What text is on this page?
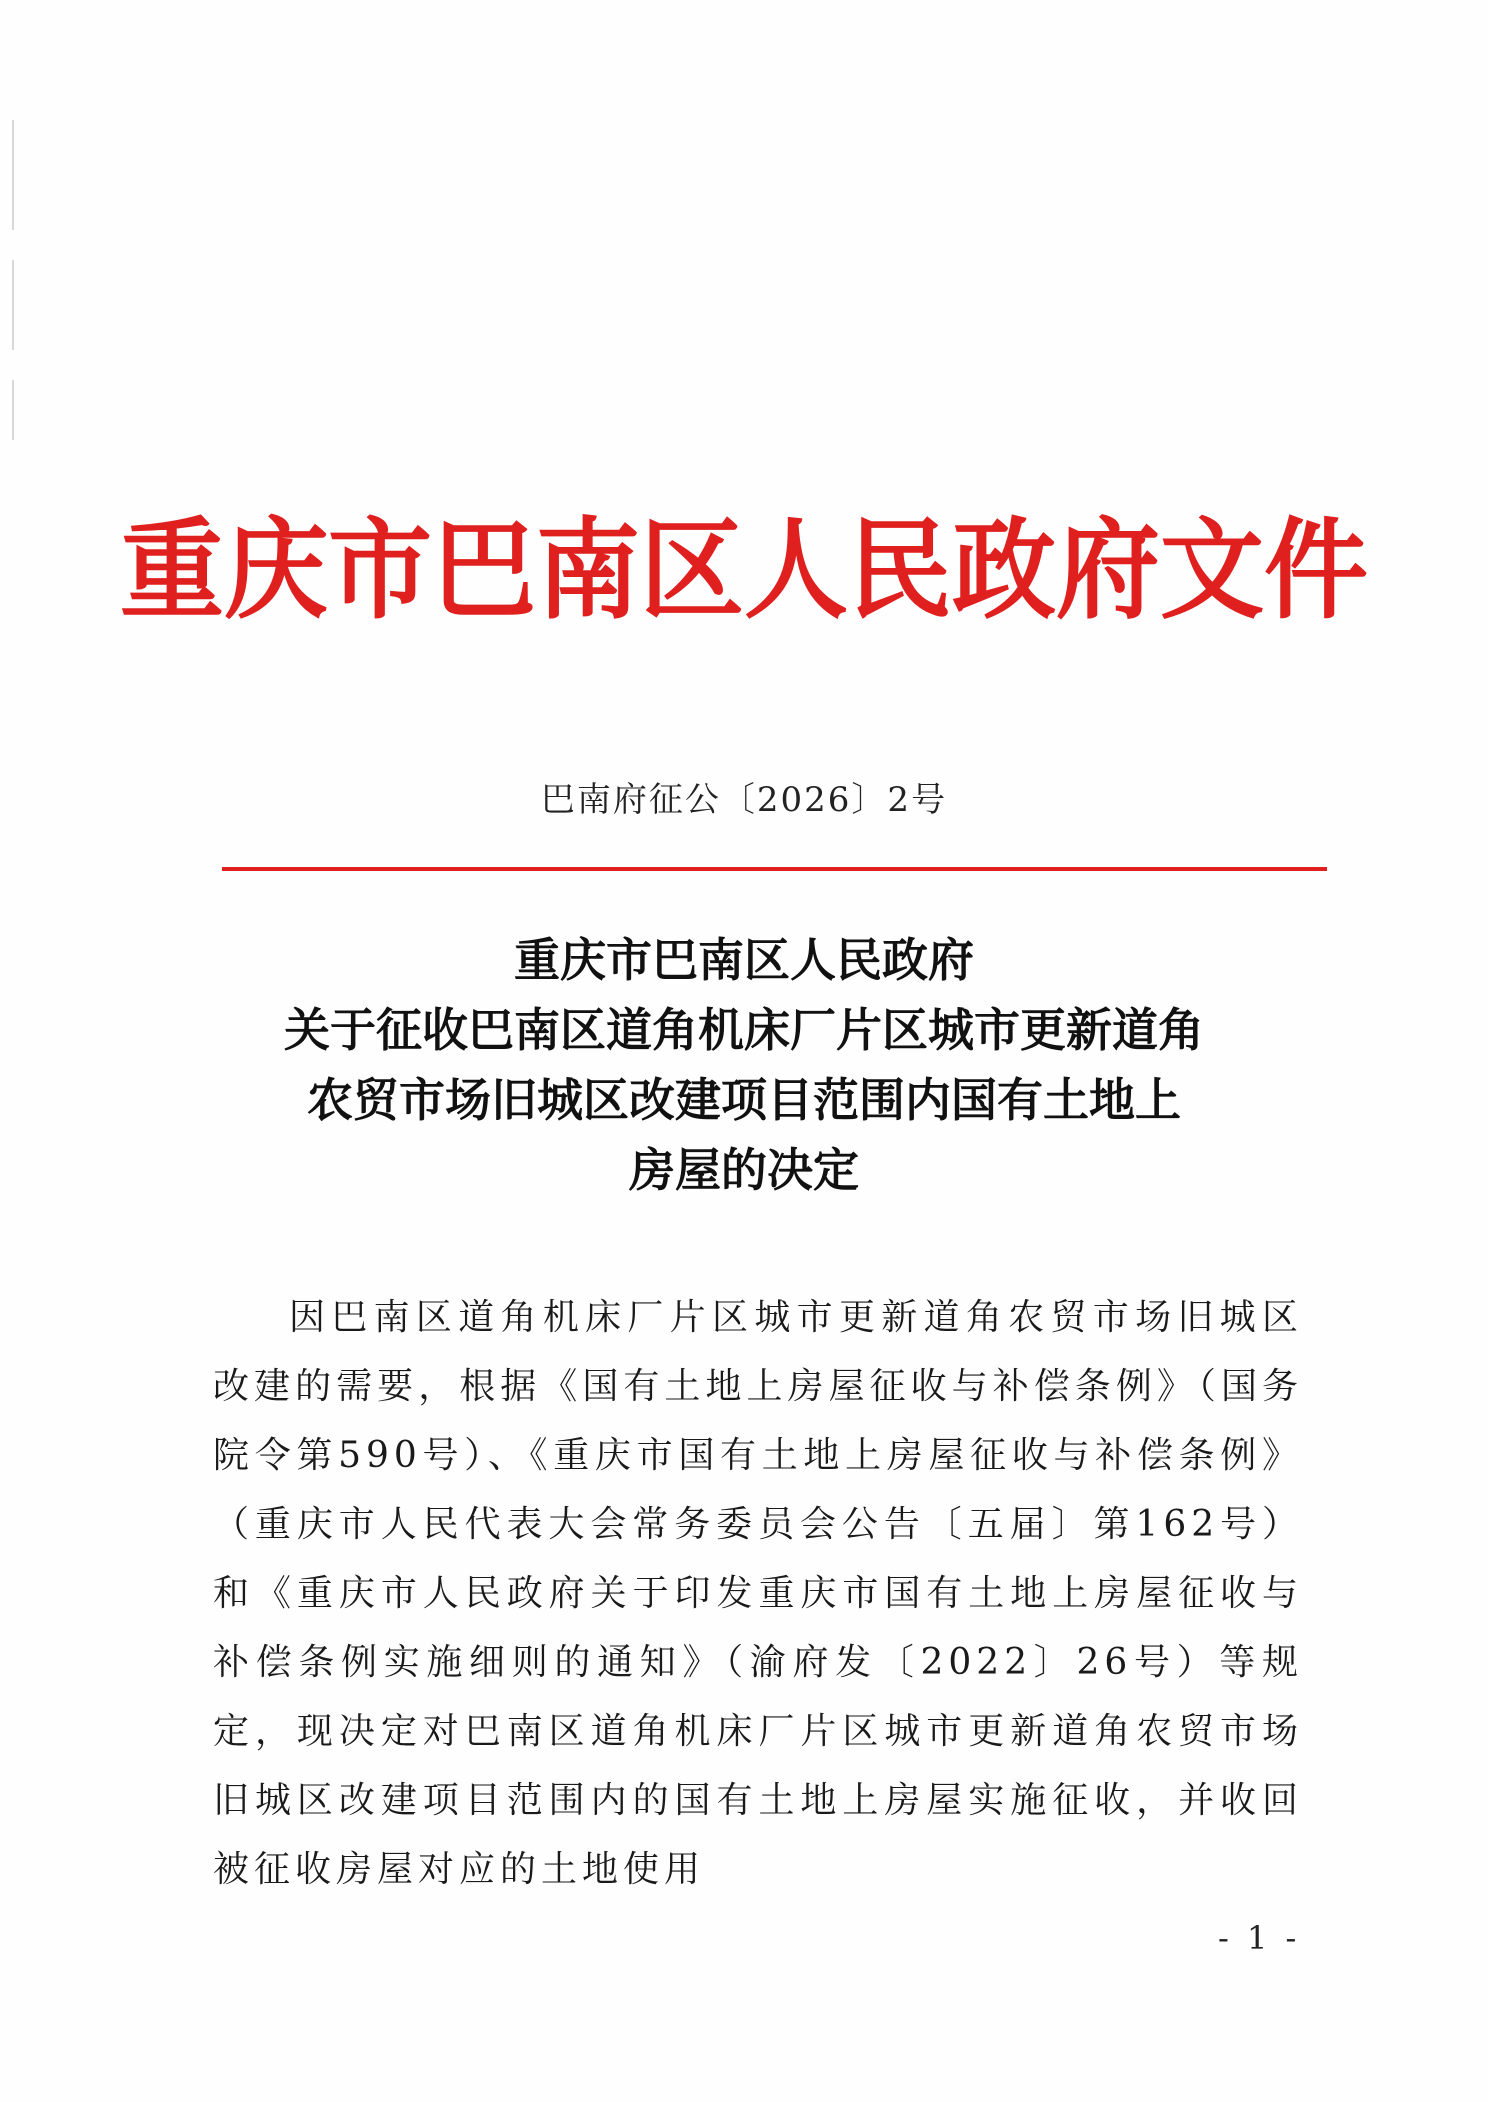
重庆市巴南区人民政府文件
巴南府征公〔2026〕2号
重庆市巴南区人民政府
关于征收巴南区道角机床厂片区城市更新道角
农贸市场旧城区改建项目范围内国有土地上
房屋的决定
因巴南区道角机床厂片区城市更新道角农贸市场旧城区改建的需要，根据《国有土地上房屋征收与补偿条例》（国务院令第590号）、《重庆市国有土地上房屋征收与补偿条例》（重庆市人民代表大会常务委员会公告〔五届〕第162号）和《重庆市人民政府关于印发重庆市国有土地上房屋征收与补偿条例实施细则的通知》（渝府发〔2022〕26号）等规定，现决定对巴南区道角机床厂片区城市更新道角农贸市场旧城区改建项目范围内的国有土地上房屋实施征收，并收回被征收房屋对应的土地使用
- 1 -
